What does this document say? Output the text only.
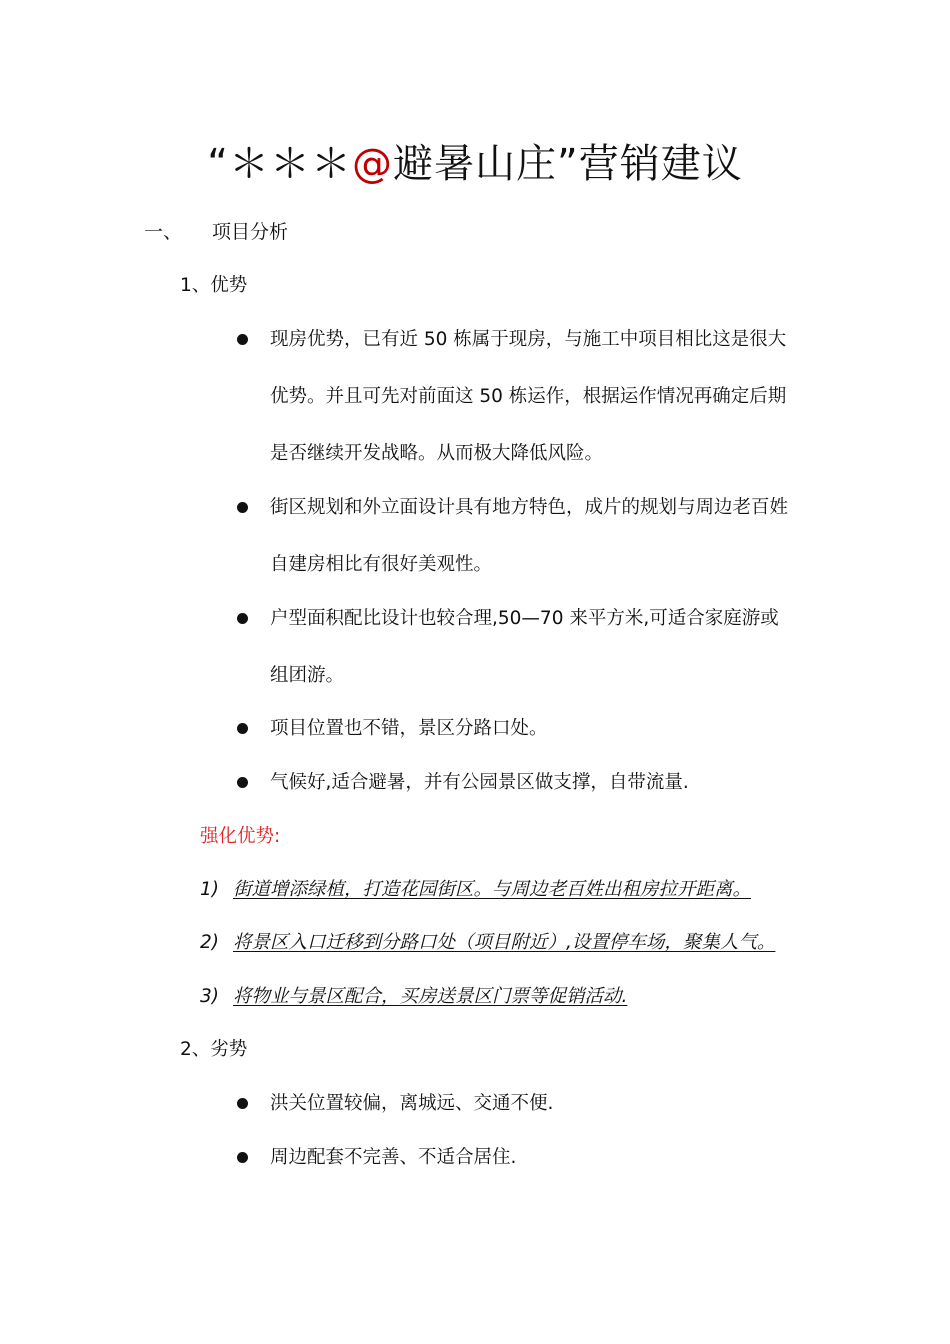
“＊＊＊@避暑山庄”营销建议
一、 项目分析
1、优势
现房优势，已有近 50 栋属于现房，与施工中项目相比这是很大
优势。并且可先对前面这 50 栋运作，根据运作情况再确定后期
是否继续开发战略。从而极大降低风险。
街区规划和外立面设计具有地方特色，成片的规划与周边老百姓
自建房相比有很好美观性。
户型面积配比设计也较合理,50—70 来平方米,可适合家庭游或
组团游。
项目位置也不错，景区分路口处。
气候好,适合避暑，并有公园景区做支撑，自带流量.
强化优势:
1) 街道增添绿植，打造花园街区。与周边老百姓出租房拉开距离。
2) 将景区入口迁移到分路口处（项目附近）,设置停车场，聚集人气。
3) 将物业与景区配合，买房送景区门票等促销活动.
2、劣势
洪关位置较偏，离城远、交通不便.
周边配套不完善、不适合居住.
